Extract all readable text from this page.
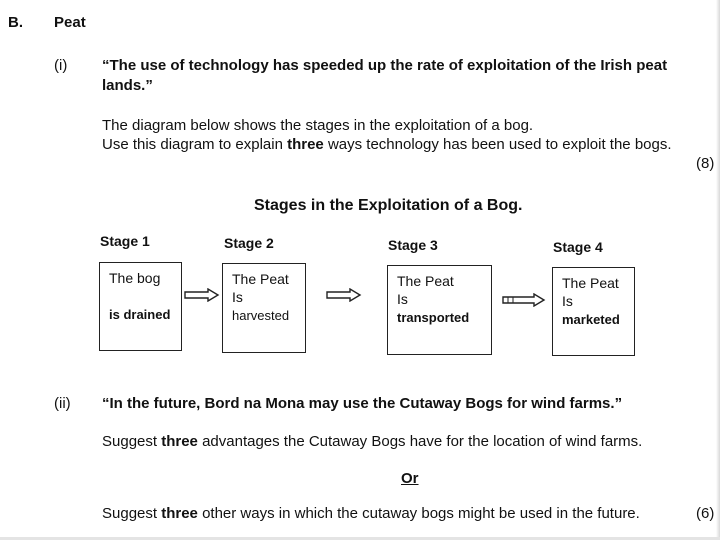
B. Peat
(i) “The use of technology has speeded up the rate of exploitation of the Irish peat
lands.”
The diagram below shows the stages in the exploitation of a bog.
Use this diagram to explain three ways technology has been used to exploit the bogs.
(8)
Stages in the Exploitation of a Bog.
Stage 1	Stage 2	Stage 3	Stage 4
The bog
is drained
The Peat
Is
harvested
The Peat
Is
transported
The Peat
Is
marketed
(ii) “In the future, Bord na Mona may use the Cutaway Bogs for wind farms.”
Suggest three advantages the Cutaway Bogs have for the location of wind farms.
Or
Suggest three other ways in which the cutaway bogs might be used in the future.	(6)
